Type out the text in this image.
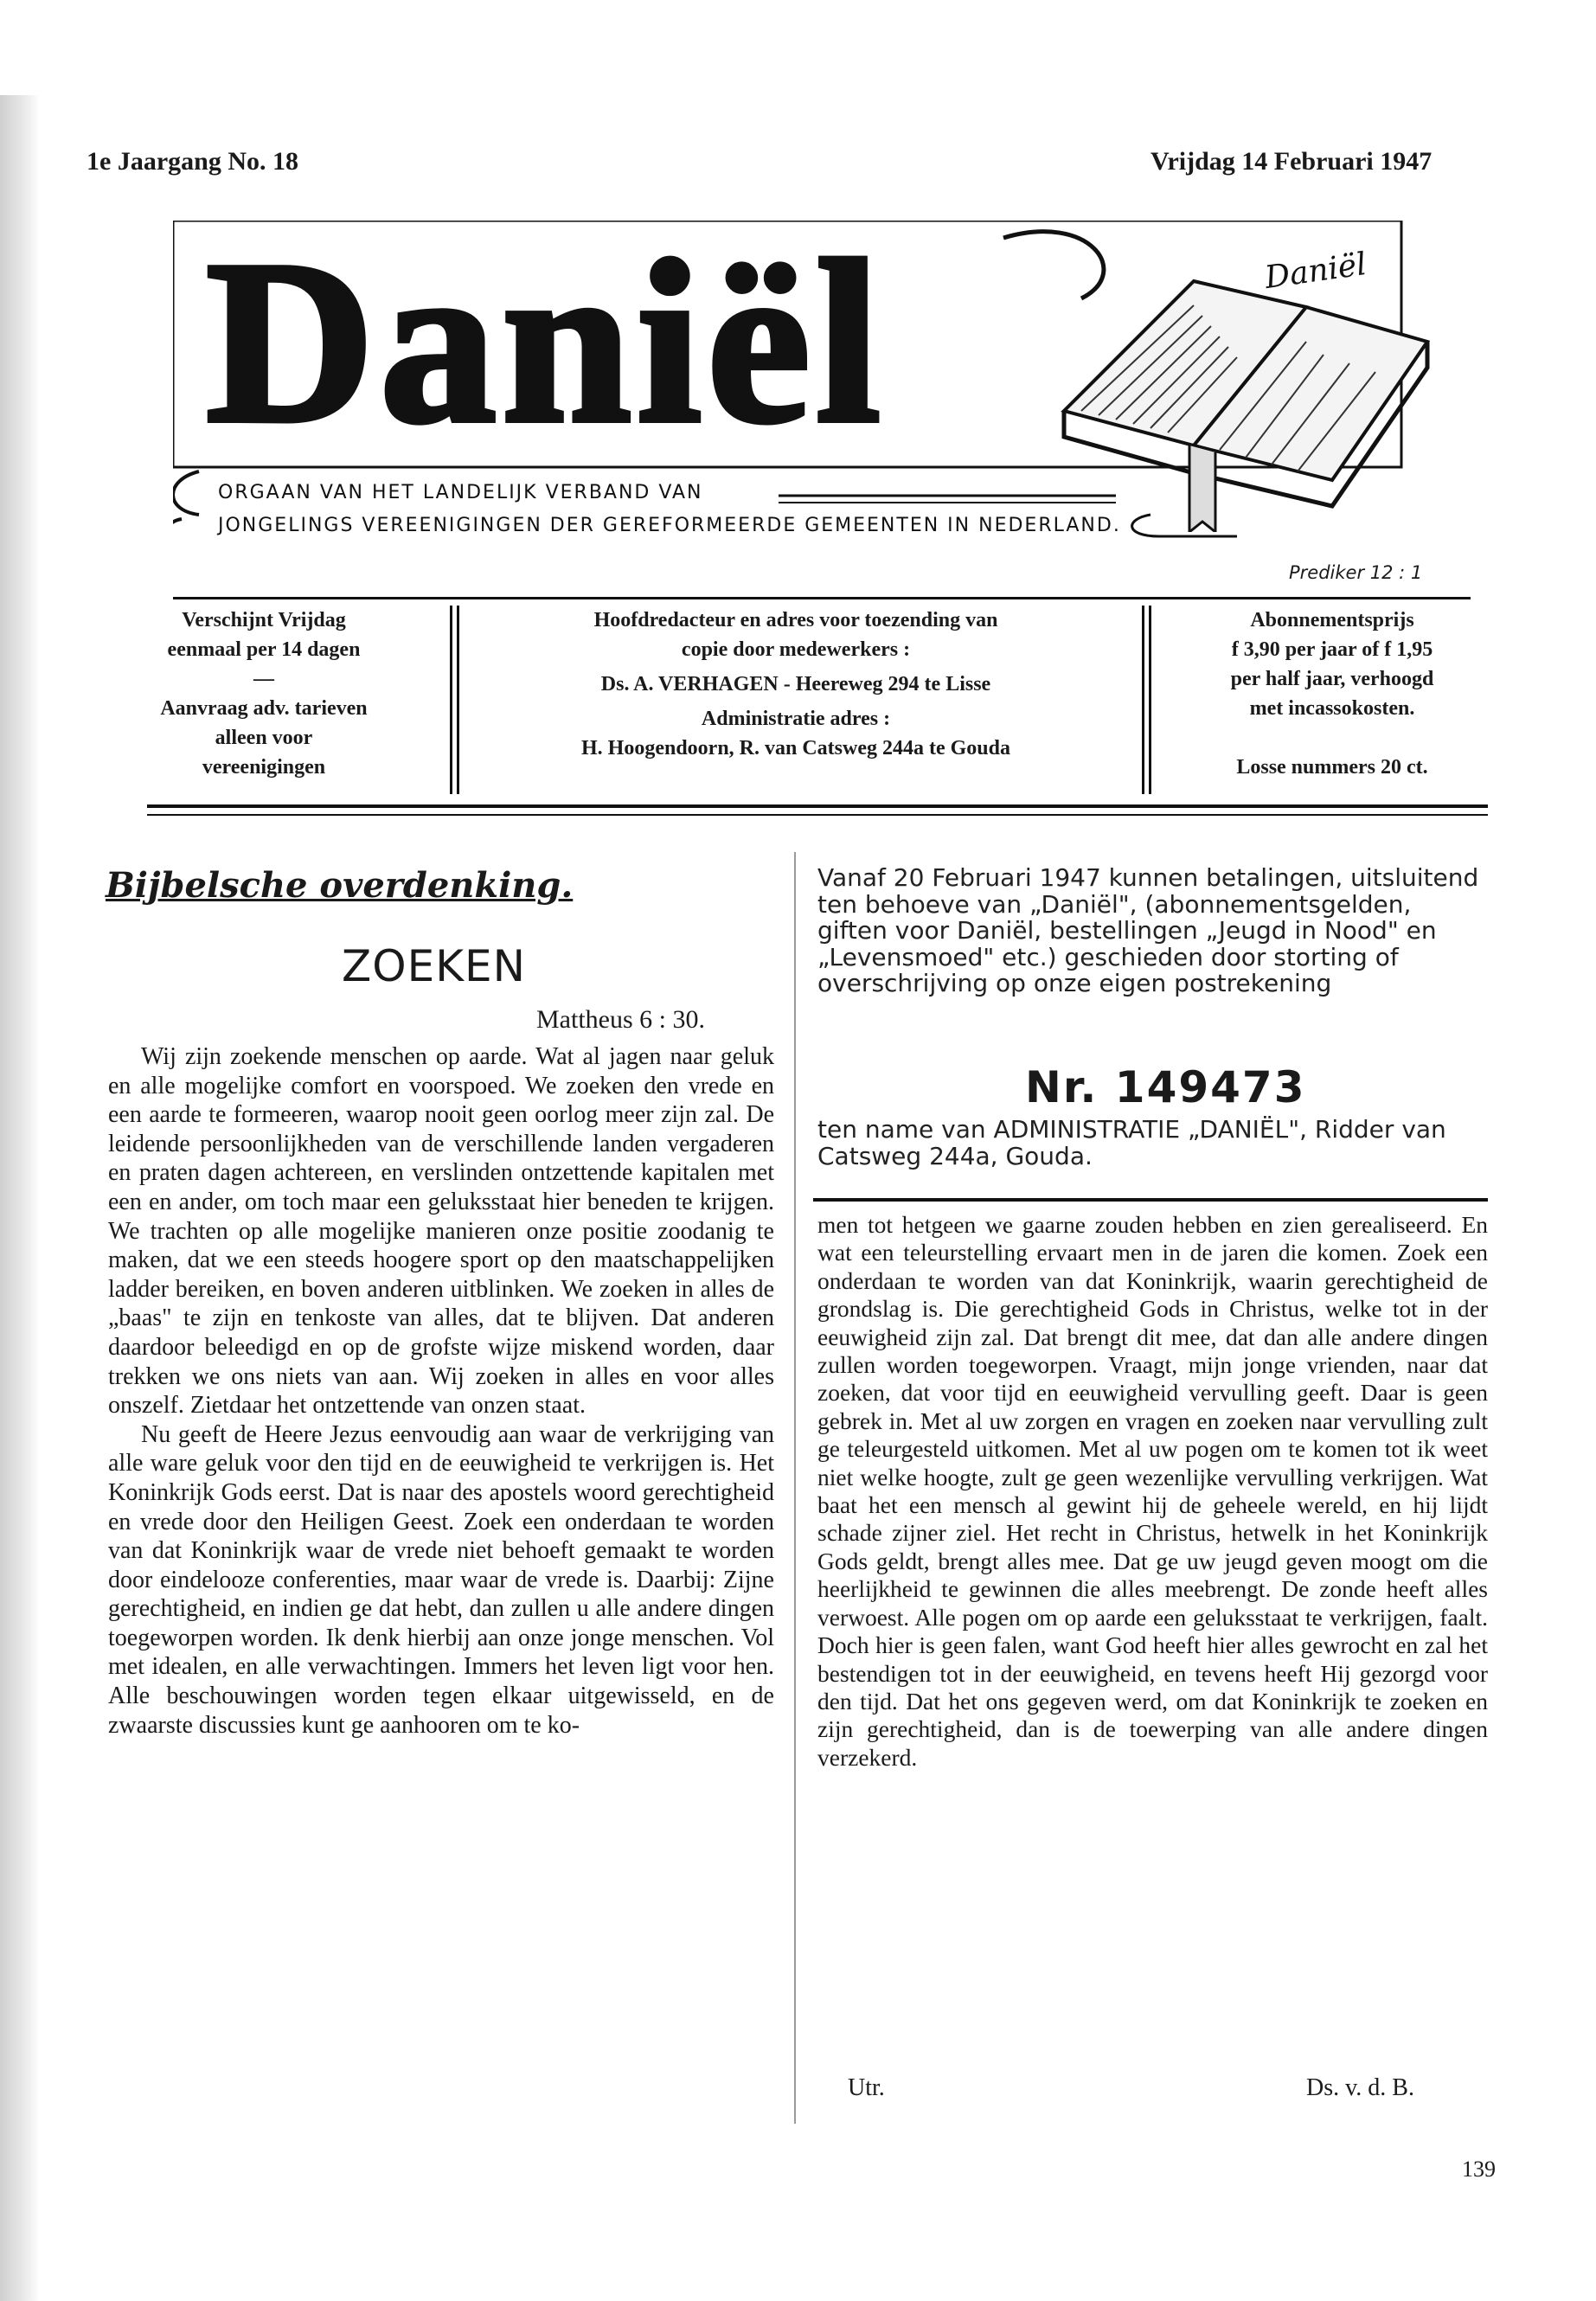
1e Jaargang No. 18	Vrijdag 14 Februari 1947
Daniël
ORGAAN VAN HET LANDELIJK VERBAND VAN
JONGELINGS VEREENIGINGEN DER GEREFORMEERDE GEMEENTEN IN NEDERLAND.
Daniël
Prediker 12 : 1
Verschijnt Vrijdag
eenmaal per 14 dagen
—
Aanvraag adv. tarieven
alleen voor
vereenigingen
Hoofdredacteur en adres voor toezending van
copie door medewerkers :
Ds. A. VERHAGEN - Heereweg 294 te Lisse
Administratie adres :
H. Hoogendoorn, R. van Catsweg 244a te Gouda
Abonnementsprijs
f 3,90 per jaar of f 1,95
per half jaar, verhoogd
met incassokosten.

Losse nummers 20 ct.
Bijbelsche overdenking.
ZOEKEN
Mattheus 6 : 30.

Wij zijn zoekende menschen op aarde. Wat al jagen naar geluk en alle mogelijke comfort en voorspoed. We zoeken den vrede en een aarde te formeeren, waarop nooit geen oorlog meer zijn zal. De leidende persoonlijkheden van de verschillende landen vergaderen en praten dagen achtereen, en verslinden ontzettende kapitalen met een en ander, om toch maar een geluksstaat hier beneden te krijgen. We trachten op alle mogelijke manieren onze positie zoodanig te maken, dat we een steeds hoogere sport op den maatschappelijken ladder bereiken, en boven anderen uitblinken. We zoeken in alles de „baas" te zijn en tenkoste van alles, dat te blijven. Dat anderen daardoor beleedigd en op de grofste wijze miskend worden, daar trekken we ons niets van aan. Wij zoeken in alles en voor alles onszelf. Zietdaar het ontzettende van onzen staat.

Nu geeft de Heere Jezus eenvoudig aan waar de verkrijging van alle ware geluk voor den tijd en de eeuwigheid te verkrijgen is. Het Koninkrijk Gods eerst. Dat is naar des apostels woord gerechtigheid en vrede door den Heiligen Geest. Zoek een onderdaan te worden van dat Koninkrijk waar de vrede niet behoeft gemaakt te worden door eindelooze conferenties, maar waar de vrede is. Daarbij: Zijne gerechtigheid, en indien ge dat hebt, dan zullen u alle andere dingen toegeworpen worden. Ik denk hierbij aan onze jonge menschen. Vol met idealen, en alle verwachtingen. Immers het leven ligt voor hen. Alle beschouwingen worden tegen elkaar uitgewisseld, en de zwaarste discussies kunt ge aanhooren om te ko-

Vanaf 20 Februari 1947 kunnen betalingen, uitsluitend ten behoeve van „Daniël", (abonnementsgelden, giften voor Daniël, bestellingen „Jeugd in Nood" en „Levensmoed" etc.) geschieden door storting of overschrijving op onze eigen postrekening
Nr. 149473
ten name van ADMINISTRATIE „DANIËL", Ridder van Catsweg 244a, Gouda.

men tot hetgeen we gaarne zouden hebben en zien gerealiseerd. En wat een teleurstelling ervaart men in de jaren die komen. Zoek een onderdaan te worden van dat Koninkrijk, waarin gerechtigheid de grondslag is. Die gerechtigheid Gods in Christus, welke tot in der eeuwigheid zijn zal. Dat brengt dit mee, dat dan alle andere dingen zullen worden toegeworpen. Vraagt, mijn jonge vrienden, naar dat zoeken, dat voor tijd en eeuwigheid vervulling geeft. Daar is geen gebrek in. Met al uw zorgen en vragen en zoeken naar vervulling zult ge teleurgesteld uitkomen. Met al uw pogen om te komen tot ik weet niet welke hoogte, zult ge geen wezenlijke vervulling verkrijgen. Wat baat het een mensch al gewint hij de geheele wereld, en hij lijdt schade zijner ziel. Het recht in Christus, hetwelk in het Koninkrijk Gods geldt, brengt alles mee. Dat ge uw jeugd geven moogt om die heerlijkheid te gewinnen die alles meebrengt. De zonde heeft alles verwoest. Alle pogen om op aarde een geluksstaat te verkrijgen, faalt. Doch hier is geen falen, want God heeft hier alles gewrocht en zal het bestendigen tot in der eeuwigheid, en tevens heeft Hij gezorgd voor den tijd. Dat het ons gegeven werd, om dat Koninkrijk te zoeken en zijn gerechtigheid, dan is de toewerping van alle andere dingen verzekerd.

Utr.	Ds. v. d. B.
139
